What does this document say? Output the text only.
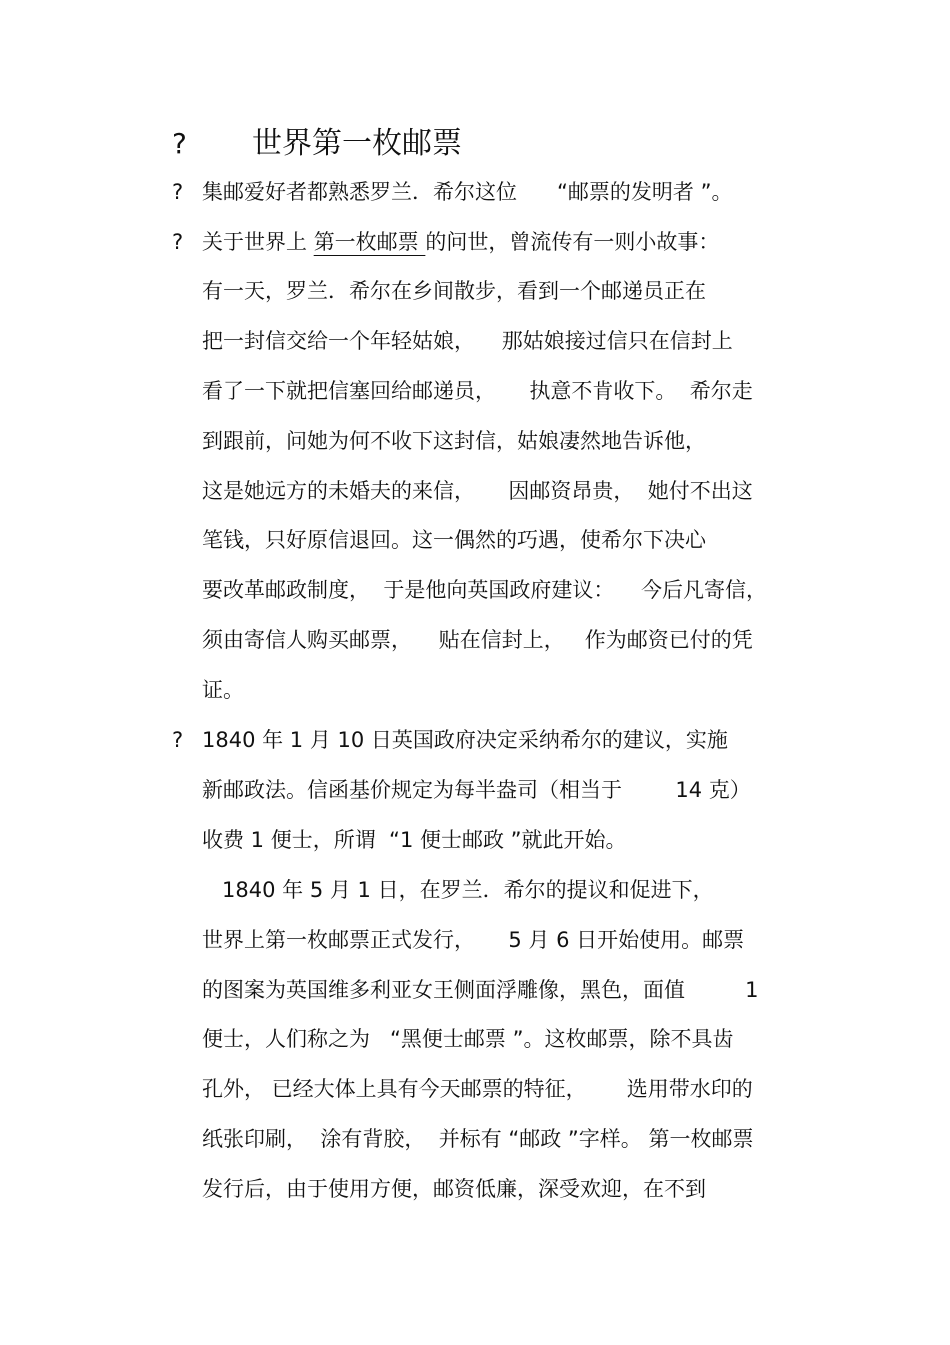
? 世界第一枚邮票
? 集邮爱好者都熟悉罗兰．希尔这位      “邮票的发明者 ”。
? 关于世界上 第一枚邮票 的问世，曾流传有一则小故事：
有一天，罗兰．希尔在乡间散步，看到一个邮递员正在
把一封信交给一个年轻姑娘，    那姑娘接过信只在信封上
看了一下就把信塞回给邮递员，     执意不肯收下。  希尔走
到跟前，问她为何不收下这封信，姑娘凄然地告诉他，
这是她远方的未婚夫的来信，     因邮资昂贵，  她付不出这
笔钱，只好原信退回。这一偶然的巧遇，使希尔下决心
要改革邮政制度，  于是他向英国政府建议：    今后凡寄信，
须由寄信人购买邮票，    贴在信封上，   作为邮资已付的凭
证。
? 1840 年 1 月 10 日英国政府决定采纳希尔的建议，实施
新邮政法。信函基价规定为每半盎司（相当于        14 克）
收费 1 便士，所谓  “1 便士邮政 ”就此开始。
1840 年 5 月 1 日，在罗兰．希尔的提议和促进下，
世界上第一枚邮票正式发行，     5 月 6 日开始使用。邮票
的图案为英国维多利亚女王侧面浮雕像，黑色，面值         1
便士，人们称之为   “黑便士邮票 ”。这枚邮票，除不具齿
孔外， 已经大体上具有今天邮票的特征，      选用带水印的
纸张印刷，  涂有背胶，  并标有 “邮政 ”字样。 第一枚邮票
发行后，由于使用方便，邮资低廉，深受欢迎，在不到
